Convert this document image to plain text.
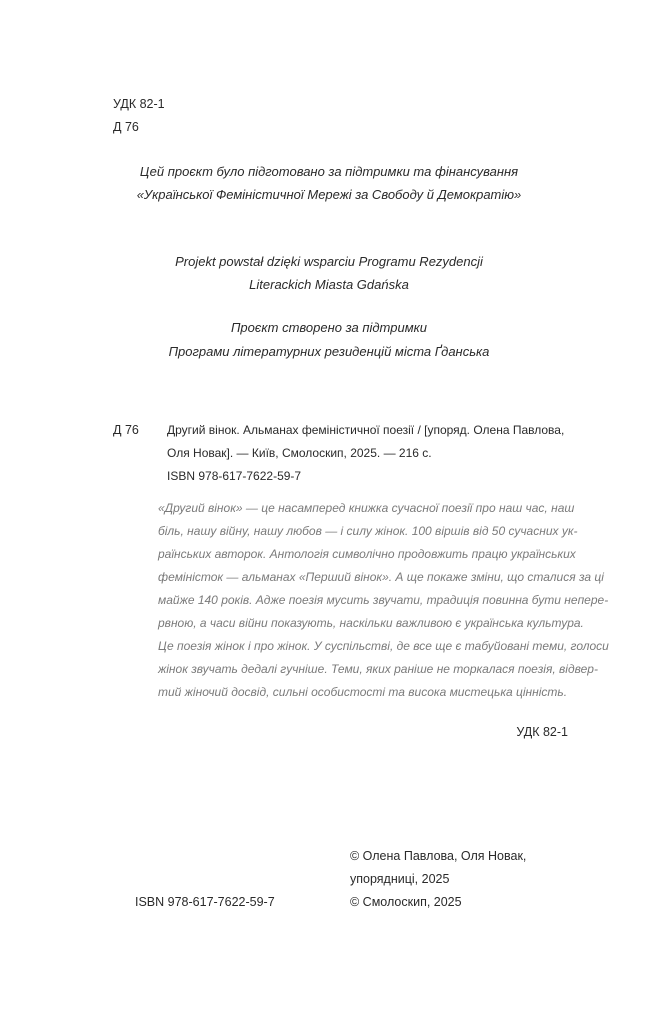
УДК 82-1
Д 76
Цей проєкт було підготовано за підтримки та фінансування
«Української Феміністичної Мережі за Свободу й Демократію»
Projekt powstał dzięki wsparciu Programu Rezydencji
Literackich Miasta Gdańska
Проєкт створено за підтримки
Програми літературних резиденцій міста Ґданська
Д 76 Другий вінок. Альманах феміністичної поезії / [упоряд. Олена Павлова,
Оля Новак]. — Київ, Смолоскип, 2025. — 216 с.
ISBN 978-617-7622-59-7
«Другий вінок» — це насамперед книжка сучасної поезії про наш час, наш
біль, нашу війну, нашу любов — і силу жінок. 100 віршів від 50 сучасних ук-
раїнських авторок. Антологія символічно продовжить працю українських
феміністок — альманах «Перший вінок». А ще покаже зміни, що сталися за ці
майже 140 років. Адже поезія мусить звучати, традиція повинна бути непере-
рвною, а часи війни показують, наскільки важливою є українська культура.
Це поезія жінок і про жінок. У суспільстві, де все ще є табуйовані теми, голоси
жінок звучать дедалі гучніше. Теми, яких раніше не торкалася поезія, відвер-
тий жіночий досвід, сильні особистості та висока мистецька цінність.
УДК 82-1
© Олена Павлова, Оля Новак,
упорядниці, 2025
ISBN 978-617-7622-59-7	© Смолоскип, 2025
